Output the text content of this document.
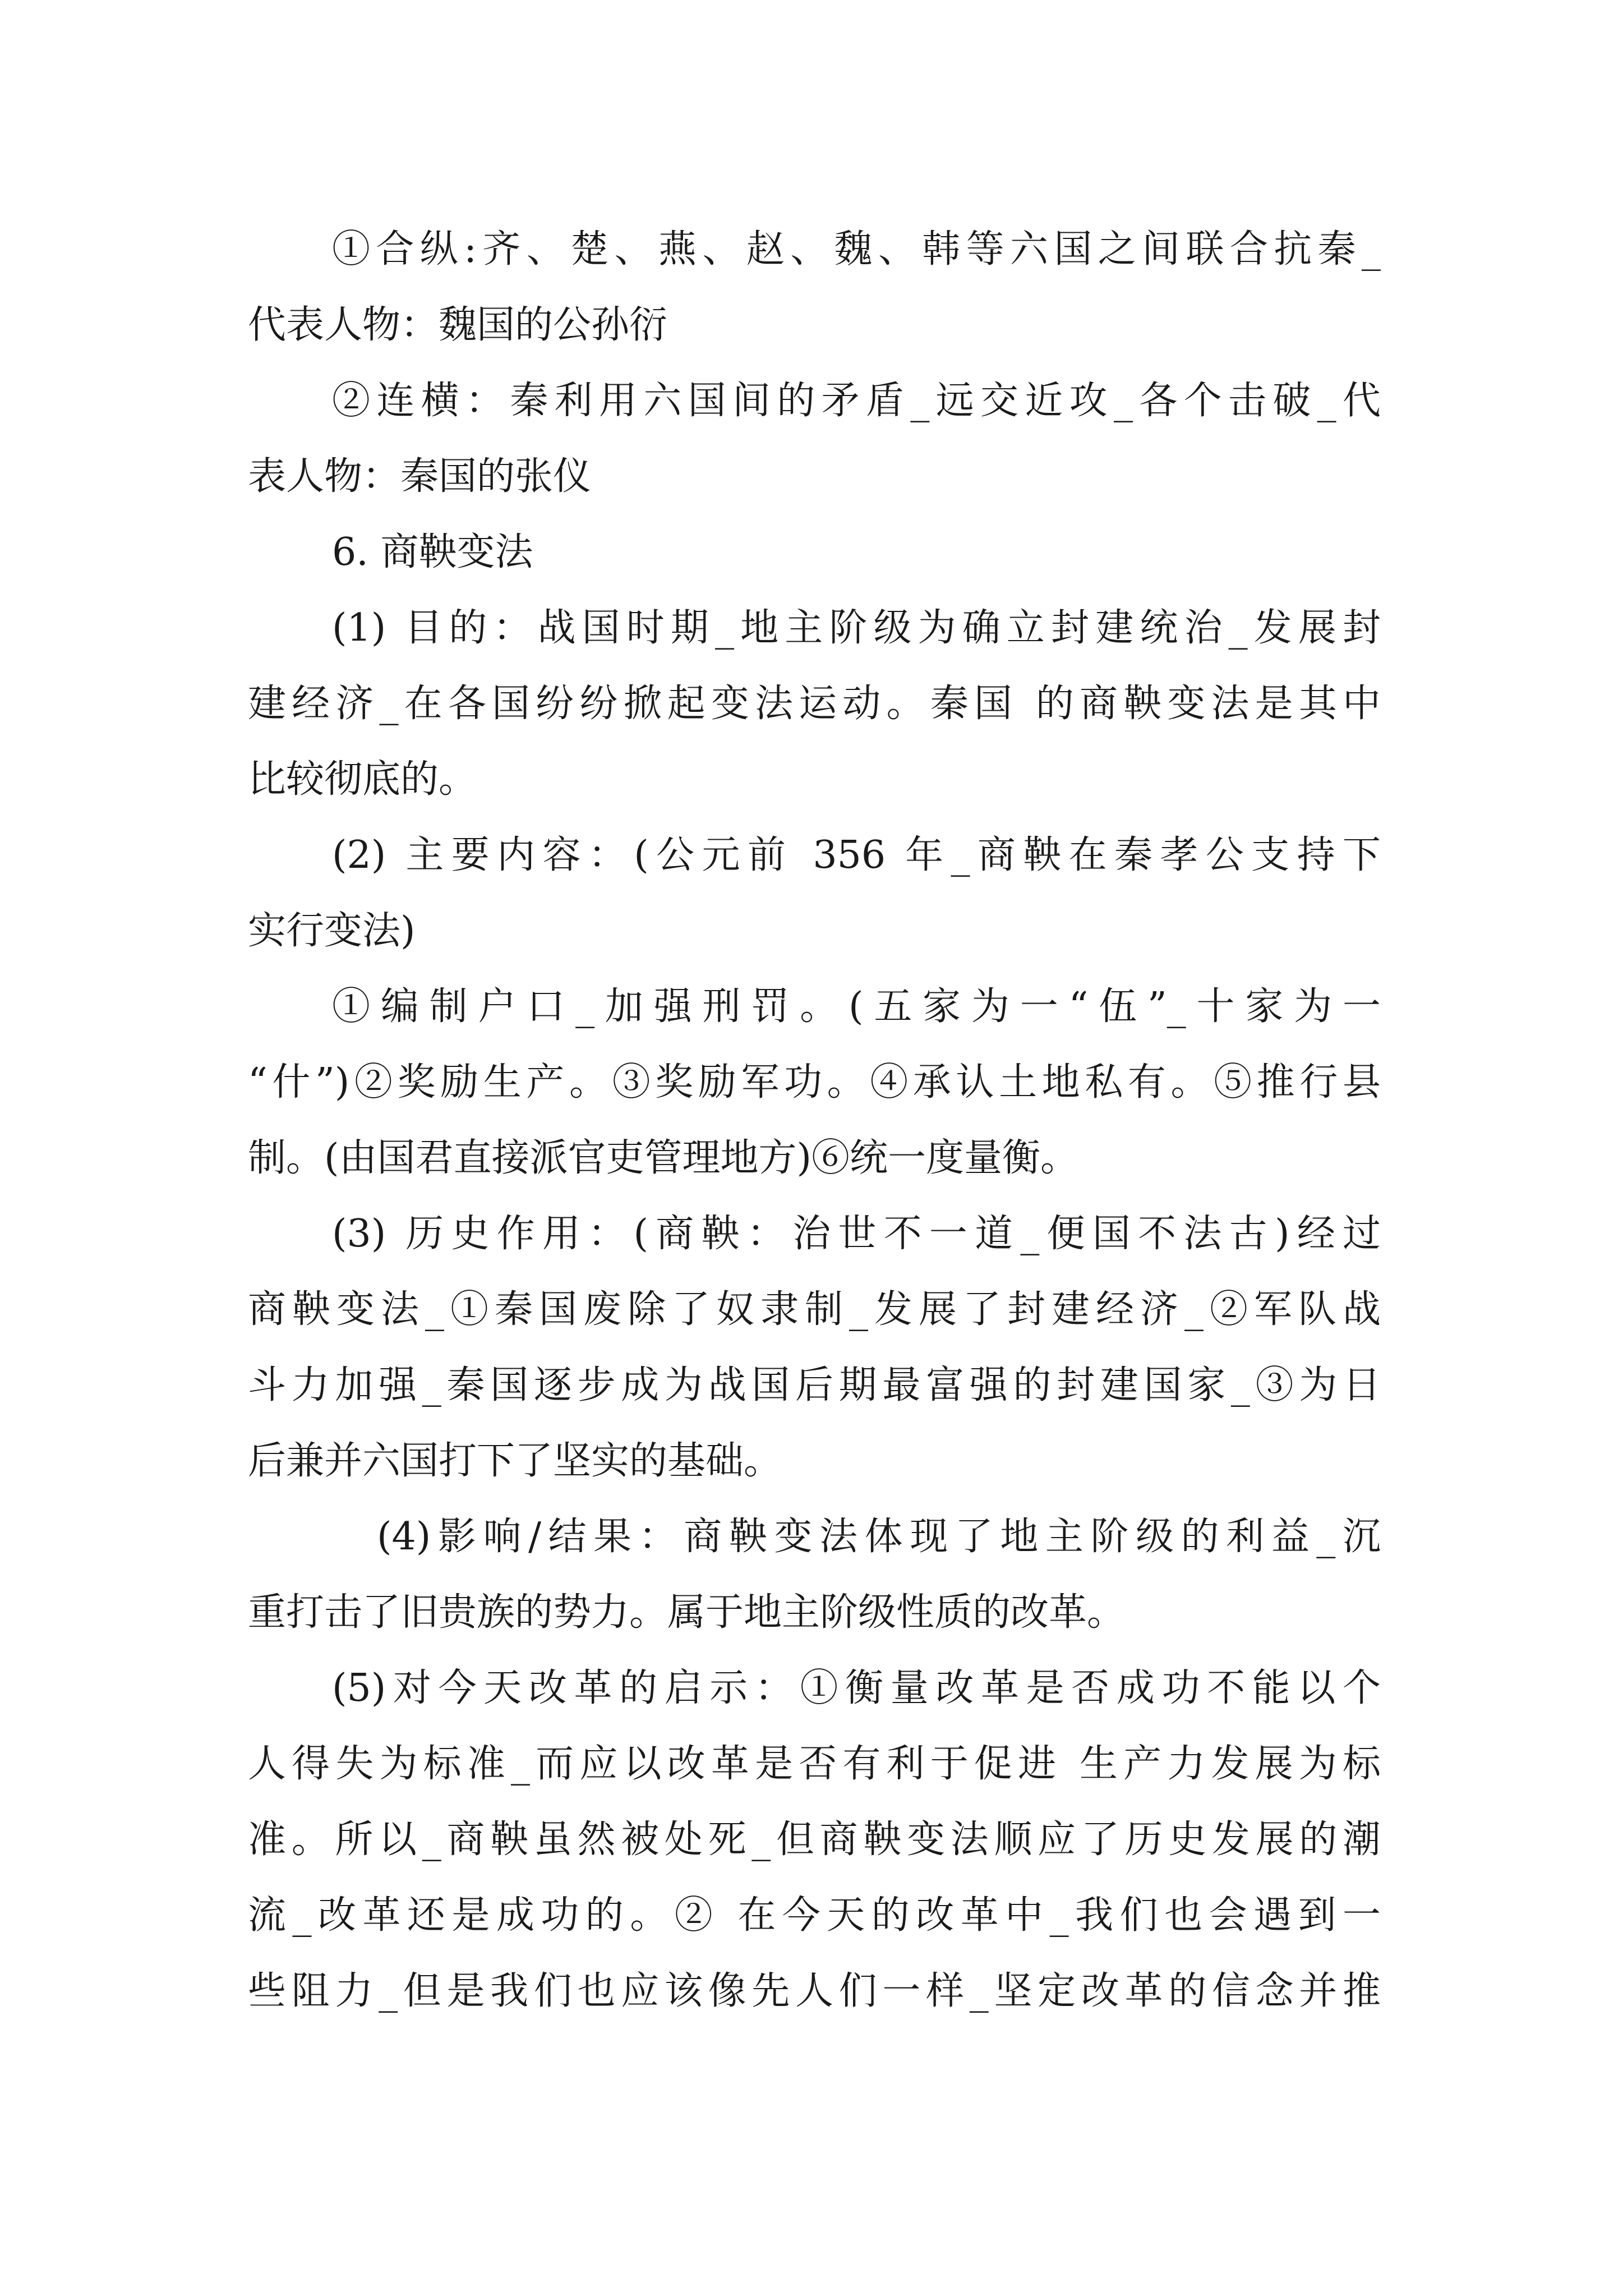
①合纵:齐、楚、燕、赵、魏、韩等六国之间联合抗秦_
代表人物：魏国的公孙衍
②连横：秦利用六国间的矛盾_远交近攻_各个击破_代
表人物：秦国的张仪
6. 商鞅变法
(1) 目的：战国时期_地主阶级为确立封建统治_发展封
建经济_在各国纷纷掀起变法运动。秦国 的商鞅变法是其中
比较彻底的。
(2) 主要内容：(公元前 356 年_商鞅在秦孝公支持下
实行变法)
①编制户口_加强刑罚。(五家为一“伍”_十家为一
“什”)②奖励生产。③奖励军功。④承认土地私有。⑤推行县
制。(由国君直接派官吏管理地方)⑥统一度量衡。
(3) 历史作用：(商鞅：治世不一道_便国不法古)经过
商鞅变法_①秦国废除了奴隶制_发展了封建经济_②军队战
斗力加强_秦国逐步成为战国后期最富强的封建国家_③为日
后兼并六国打下了坚实的基础。
(4)影响/结果：商鞅变法体现了地主阶级的利益_沉
重打击了旧贵族的势力。属于地主阶级性质的改革。
(5)对今天改革的启示：①衡量改革是否成功不能以个
人得失为标准_而应以改革是否有利于促进 生产力发展为标
准。所以_商鞅虽然被处死_但商鞅变法顺应了历史发展的潮
流_改革还是成功的。② 在今天的改革中_我们也会遇到一
些阻力_但是我们也应该像先人们一样_坚定改革的信念并推
